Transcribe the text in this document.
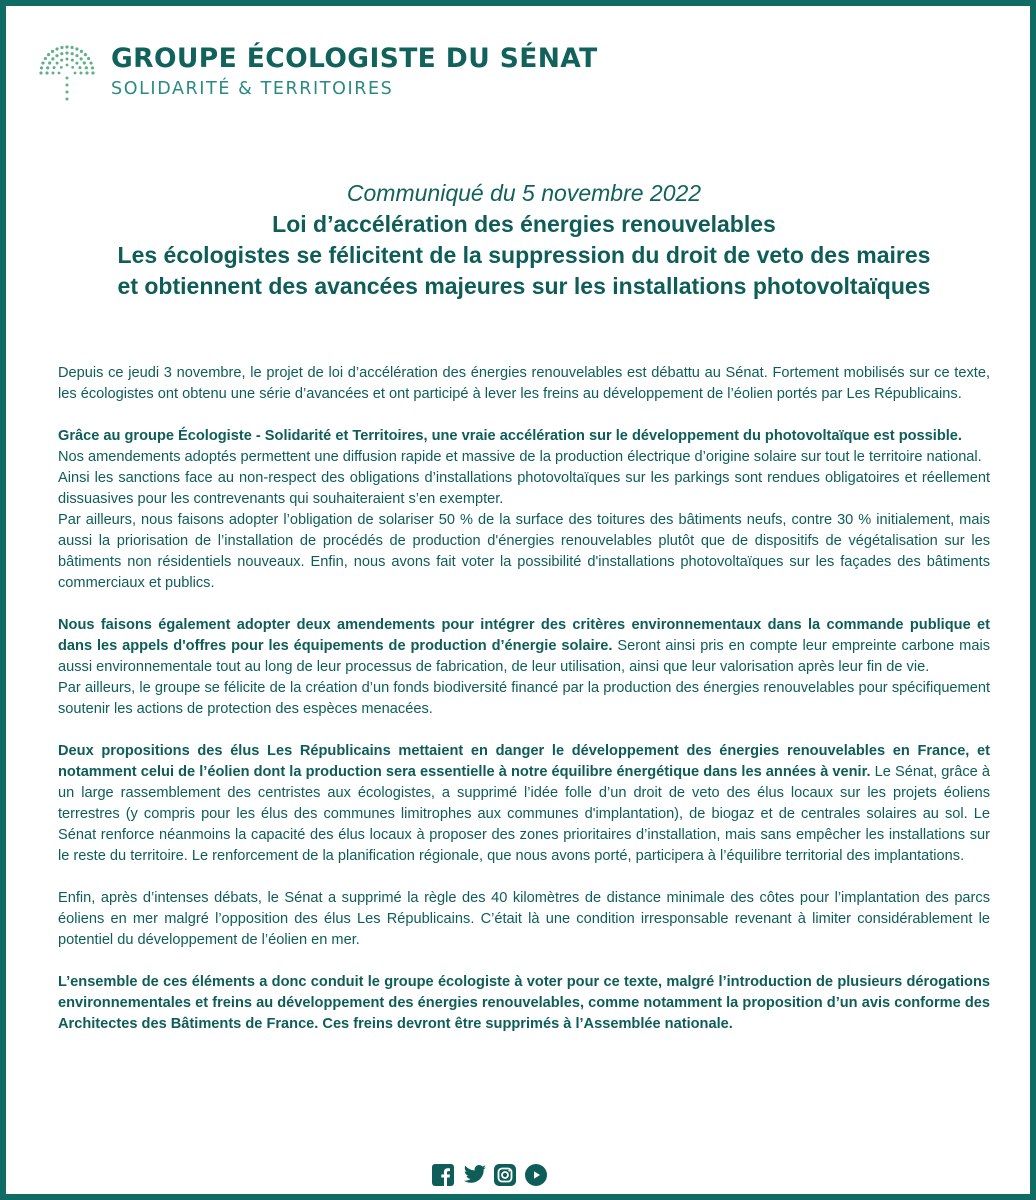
GROUPE ÉCOLOGISTE DU SÉNAT
SOLIDARITÉ & TERRITOIRES
Communiqué du 5 novembre 2022
Loi d’accélération des énergies renouvelables
Les écologistes se félicitent de la suppression du droit de veto des maires
et obtiennent des avancées majeures sur les installations photovoltaïques
Depuis ce jeudi 3 novembre, le projet de loi d’accélération des énergies renouvelables est débattu au Sénat. Fortement mobilisés sur ce texte, les écologistes ont obtenu une série d’avancées et ont participé à lever les freins au développement de l’éolien portés par Les Républicains.
Grâce au groupe Écologiste - Solidarité et Territoires, une vraie accélération sur le développement du photovoltaïque est possible.
Nos amendements adoptés permettent une diffusion rapide et massive de la production électrique d’origine solaire sur tout le territoire national.
Ainsi les sanctions face au non-respect des obligations d’installations photovoltaïques sur les parkings sont rendues obligatoires et réellement dissuasives pour les contrevenants qui souhaiteraient s’en exempter.
Par ailleurs, nous faisons adopter l’obligation de solariser 50 % de la surface des toitures des bâtiments neufs, contre 30 % initialement, mais aussi la priorisation de l’installation de procédés de production d'énergies renouvelables plutôt que de dispositifs de végétalisation sur les bâtiments non résidentiels nouveaux. Enfin, nous avons fait voter la possibilité d'installations photovoltaïques sur les façades des bâtiments commerciaux et publics.
Nous faisons également adopter deux amendements pour intégrer des critères environnementaux dans la commande publique et dans les appels d'offres pour les équipements de production d’énergie solaire. Seront ainsi pris en compte leur empreinte carbone mais aussi environnementale tout au long de leur processus de fabrication, de leur utilisation, ainsi que leur valorisation après leur fin de vie.
Par ailleurs, le groupe se félicite de la création d’un fonds biodiversité financé par la production des énergies renouvelables pour spécifiquement soutenir les actions de protection des espèces menacées.
Deux propositions des élus Les Républicains mettaient en danger le développement des énergies renouvelables en France, et notamment celui de l’éolien dont la production sera essentielle à notre équilibre énergétique dans les années à venir. Le Sénat, grâce à un large rassemblement des centristes aux écologistes, a supprimé l’idée folle d’un droit de veto des élus locaux sur les projets éoliens terrestres (y compris pour les élus des communes limitrophes aux communes d'implantation), de biogaz et de centrales solaires au sol. Le Sénat renforce néanmoins la capacité des élus locaux à proposer des zones prioritaires d’installation, mais sans empêcher les installations sur le reste du territoire. Le renforcement de la planification régionale, que nous avons porté, participera à l’équilibre territorial des implantations.
Enfin, après d’intenses débats, le Sénat a supprimé la règle des 40 kilomètres de distance minimale des côtes pour l’implantation des parcs éoliens en mer malgré l’opposition des élus Les Républicains. C’était là une condition irresponsable revenant à limiter considérablement le potentiel du développement de l’éolien en mer.
L’ensemble de ces éléments a donc conduit le groupe écologiste à voter pour ce texte, malgré l’introduction de plusieurs dérogations environnementales et freins au développement des énergies renouvelables, comme notamment la proposition d’un avis conforme des Architectes des Bâtiments de France. Ces freins devront être supprimés à l’Assemblée nationale.
